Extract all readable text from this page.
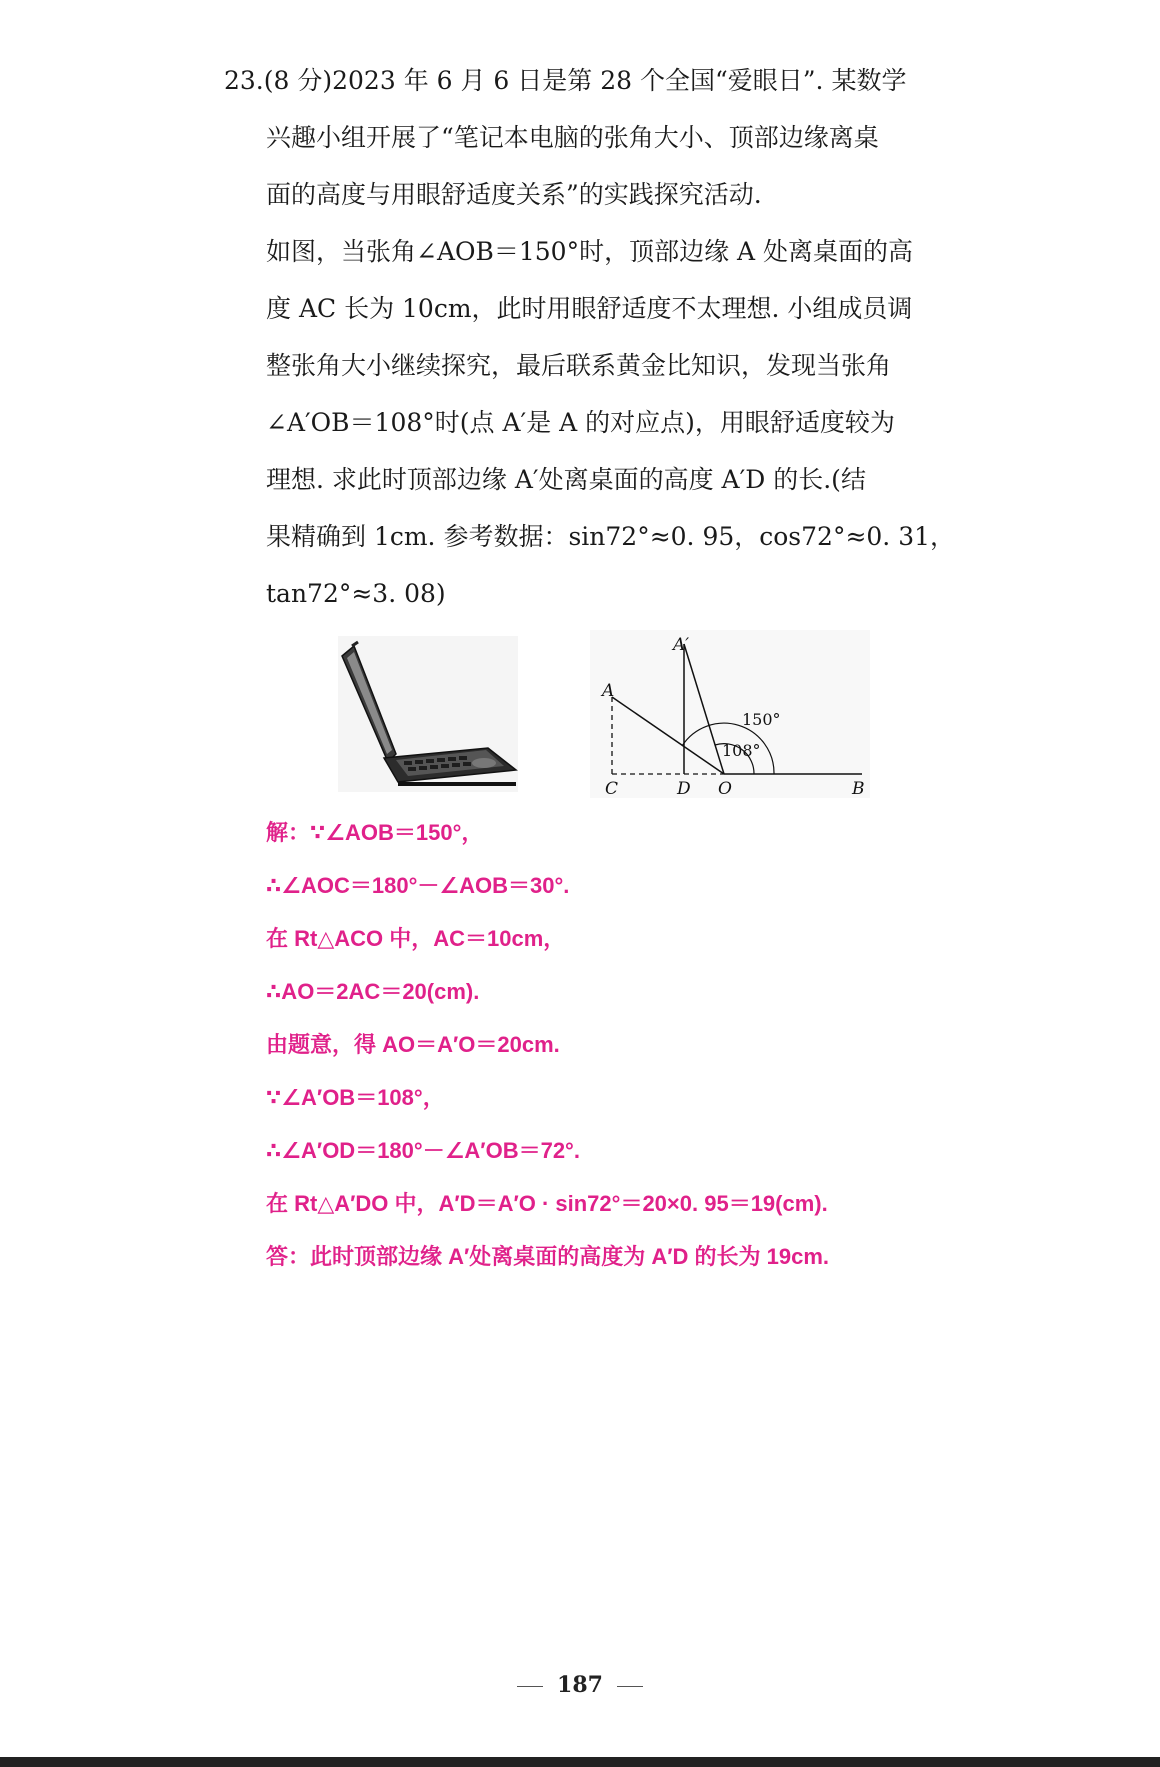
23.(8 分)2023 年 6 月 6 日是第 28 个全国“爱眼日”. 某数学
兴趣小组开展了“笔记本电脑的张角大小、顶部边缘离桌
面的高度与用眼舒适度关系”的实践探究活动.
如图，当张角∠AOB＝150°时，顶部边缘 A 处离桌面的高
度 AC 长为 10cm，此时用眼舒适度不太理想. 小组成员调
整张角大小继续探究，最后联系黄金比知识，发现当张角
∠A′OB＝108°时(点 A′是 A 的对应点)，用眼舒适度较为
理想. 求此时顶部边缘 A′处离桌面的高度 A′D 的长.(结
果精确到 1cm. 参考数据：sin72°≈0. 95，cos72°≈0. 31，
tan72°≈3. 08)
A′
A
C	D O	B
150°
108°
解：∵∠AOB＝150°，
∴∠AOC＝180°－∠AOB＝30°.
在 Rt△ACO 中，AC＝10cm，
∴AO＝2AC＝20(cm).
由题意，得 AO＝A′O＝20cm.
∵∠A′OB＝108°，
∴∠A′OD＝180°－∠A′OB＝72°.
在 Rt△A′DO 中，A′D＝A′O · sin72°＝20×0. 95＝19(cm).
答：此时顶部边缘 A′处离桌面的高度为 A′D 的长为 19cm.
187
